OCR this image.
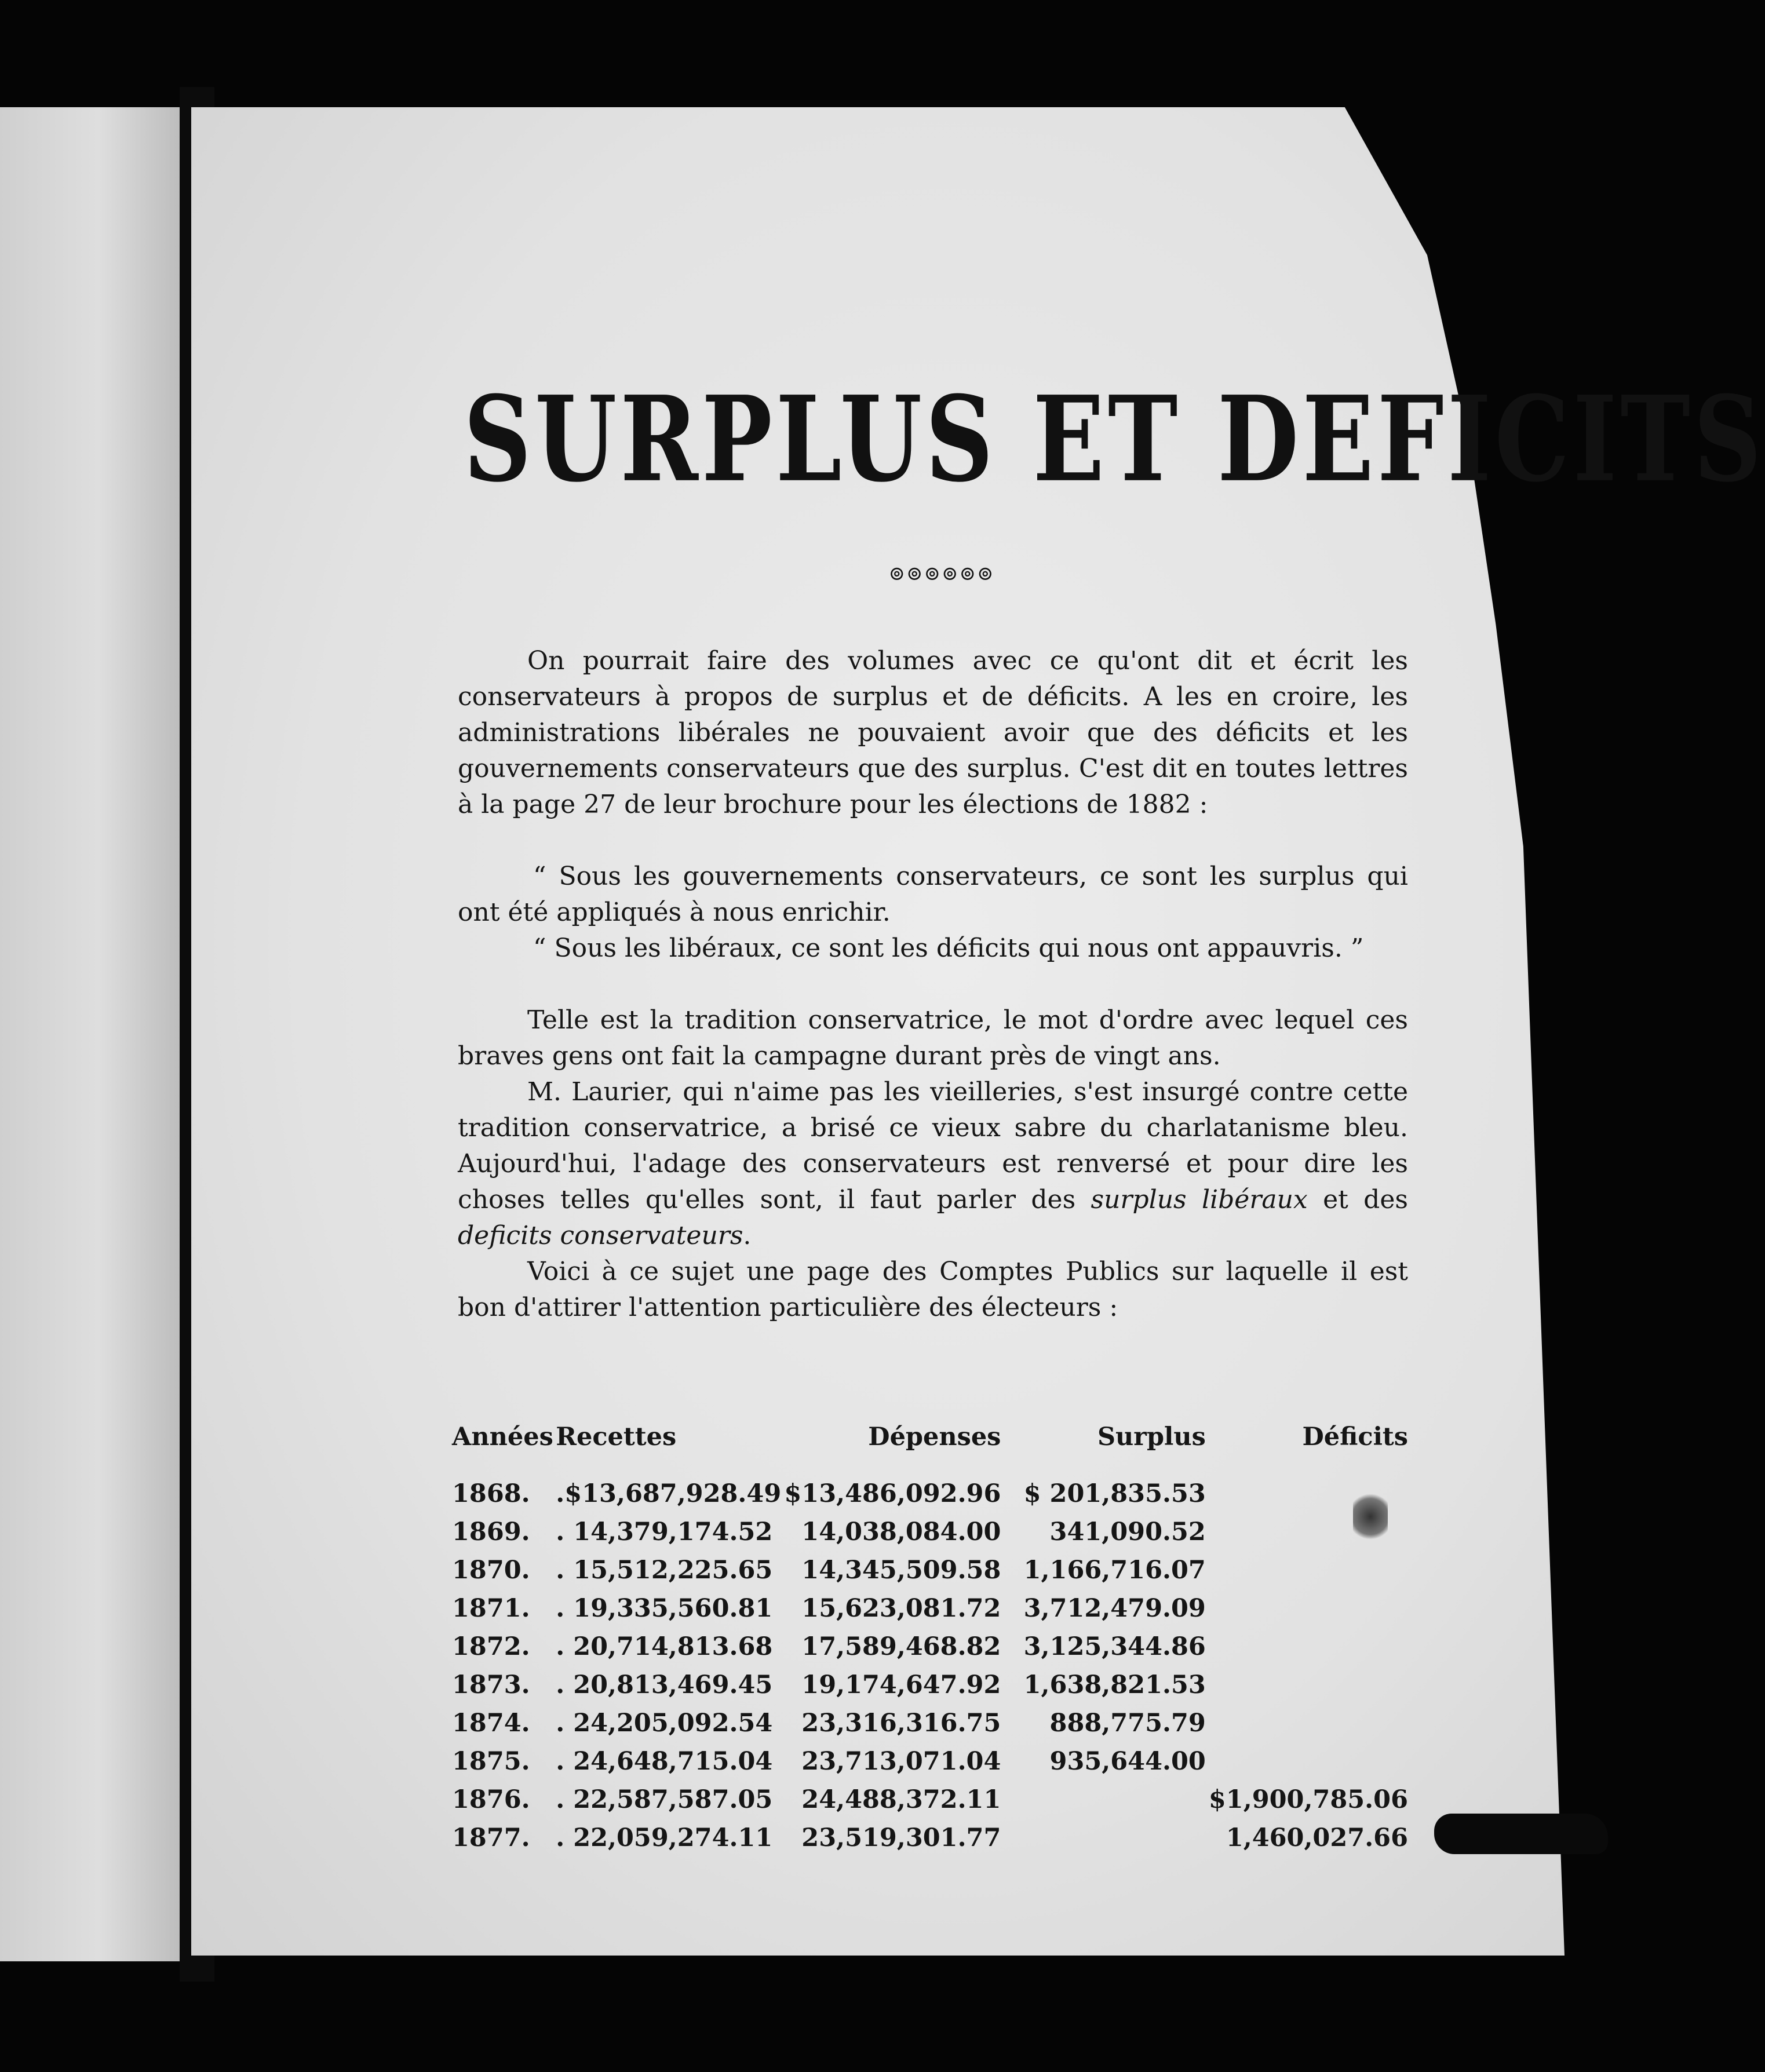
SURPLUS ET DEFICITS
⊚⊚⊚⊚⊚⊚

On pourrait faire des volumes avec ce qu'ont dit et écrit les conservateurs à propos de surplus et de déficits. A les en croire, les administrations libérales ne pouvaient avoir que des déficits et les gouvernements conservateurs que des surplus. C'est dit en toutes lettres à la page 27 de leur brochure pour les élections de 1882 :

“ Sous les gouvernements conservateurs, ce sont les surplus qui ont été appliqués à nous enrichir.

“ Sous les libéraux, ce sont les déficits qui nous ont appauvris. ”

Telle est la tradition conservatrice, le mot d'ordre avec lequel ces braves gens ont fait la campagne durant près de vingt ans.

M. Laurier, qui n'aime pas les vieilleries, s'est insurgé contre cette tradition conservatrice, a brisé ce vieux sabre du charlatanisme bleu. Aujourd'hui, l'adage des conservateurs est renversé et pour dire les choses telles qu'elles sont, il faut parler des surplus libéraux et des deficits conservateurs.

Voici à ce sujet une page des Comptes Publics sur laquelle il est bon d'attirer l'attention particulière des électeurs :

Années	Recettes	Dépenses	Surplus	Déficits
1868.	.$13,687,928.49	$13,486,092.96	$ 201,835.53	
1869.	. 14,379,174.52	14,038,084.00	341,090.52	
1870.	. 15,512,225.65	14,345,509.58	1,166,716.07	
1871.	. 19,335,560.81	15,623,081.72	3,712,479.09	
1872.	. 20,714,813.68	17,589,468.82	3,125,344.86	
1873.	. 20,813,469.45	19,174,647.92	1,638,821.53	
1874.	. 24,205,092.54	23,316,316.75	888,775.79	
1875.	. 24,648,715.04	23,713,071.04	935,644.00	
1876.	. 22,587,587.05	24,488,372.11		$1,900,785.06
1877.	. 22,059,274.11	23,519,301.77		1,460,027.66
